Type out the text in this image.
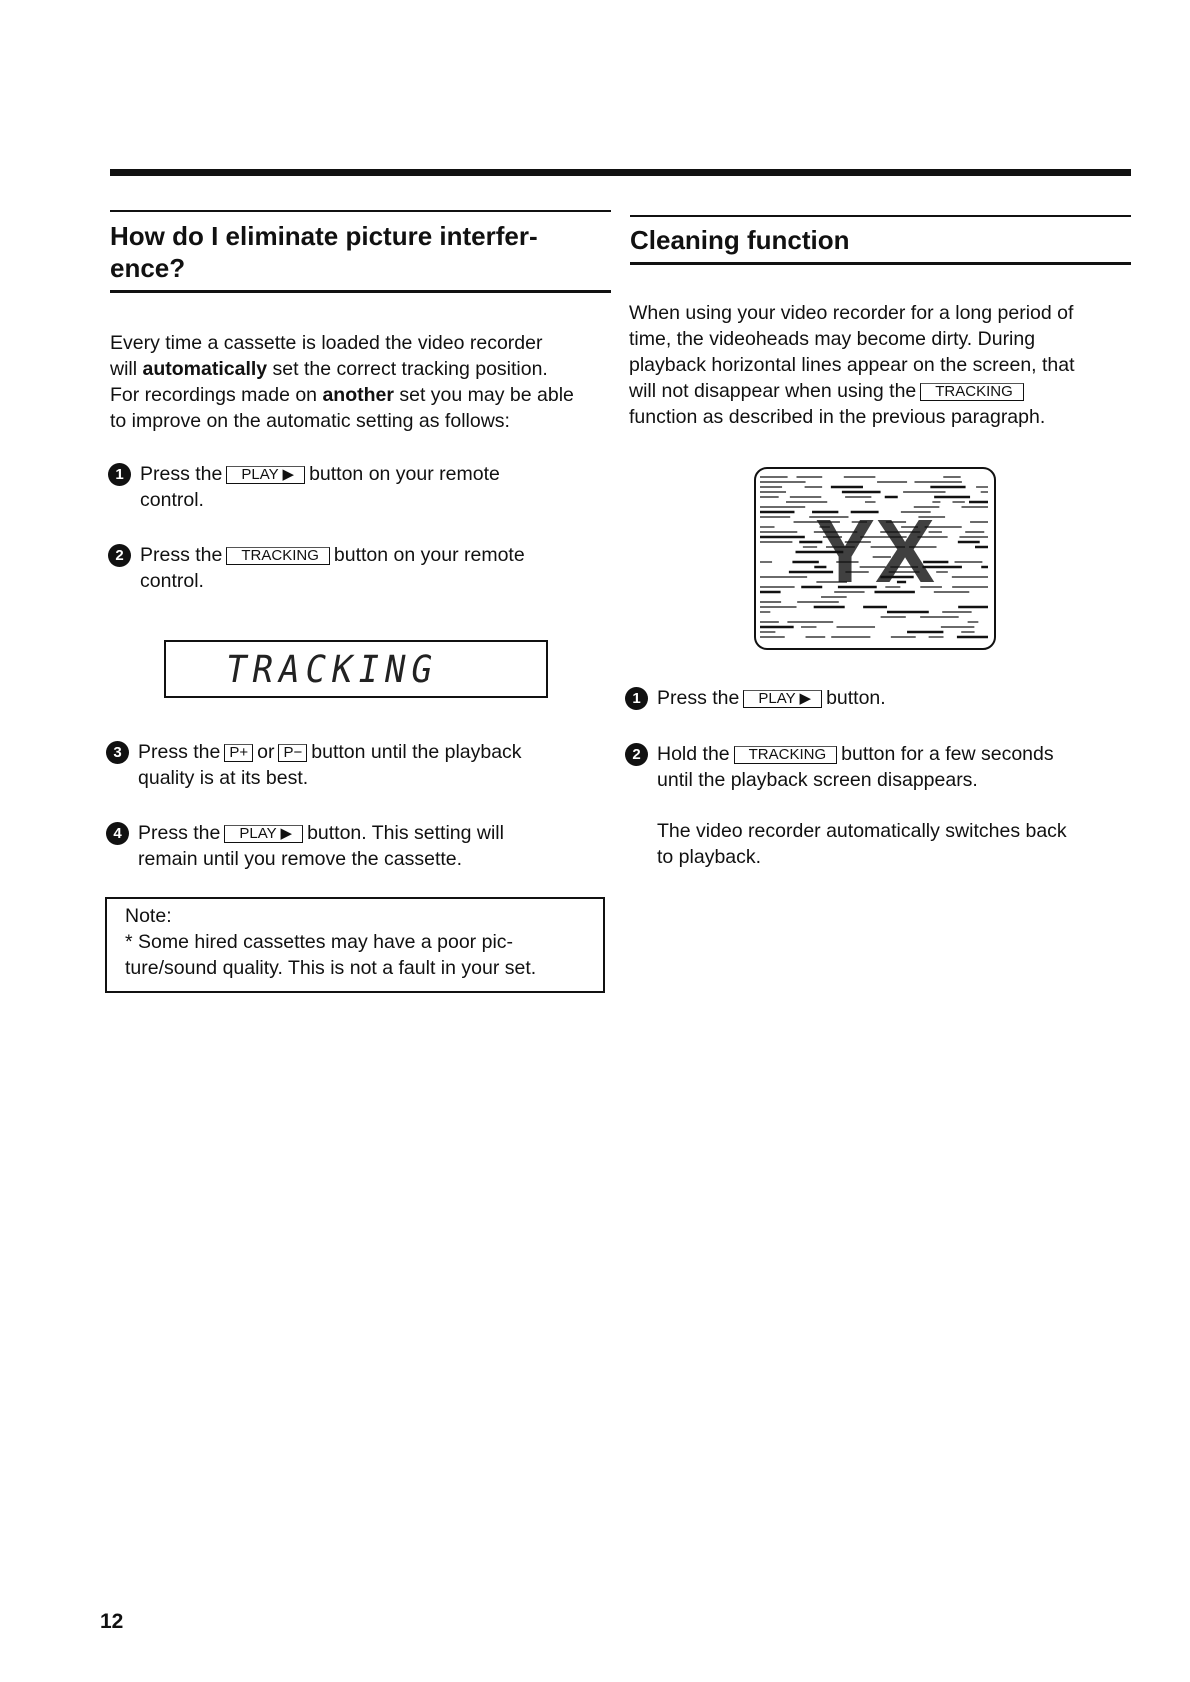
How do I eliminate picture interfer-
ence?
Every time a cassette is loaded the video recorder
will automatically set the correct tracking position.
For recordings made on another set you may be able
to improve on the automatic setting as follows:
1 Press the PLAY ▶ button on your remote
control.
2 Press the TRACKING button on your remote
control.
TRACKING
3 Press the P+ or P− button until the playback
quality is at its best.
4 Press the PLAY ▶ button. This setting will
remain until you remove the cassette.
Note:
* Some hired cassettes may have a poor pic-
ture/sound quality. This is not a fault in your set.
Cleaning function
When using your video recorder for a long period of
time, the videoheads may become dirty. During
playback horizontal lines appear on the screen, that
will not disappear when using the TRACKING
function as described in the previous paragraph.
YX
1 Press the PLAY ▶ button.
2 Hold the TRACKING button for a few seconds
until the playback screen disappears.
The video recorder automatically switches back
to playback.
12
